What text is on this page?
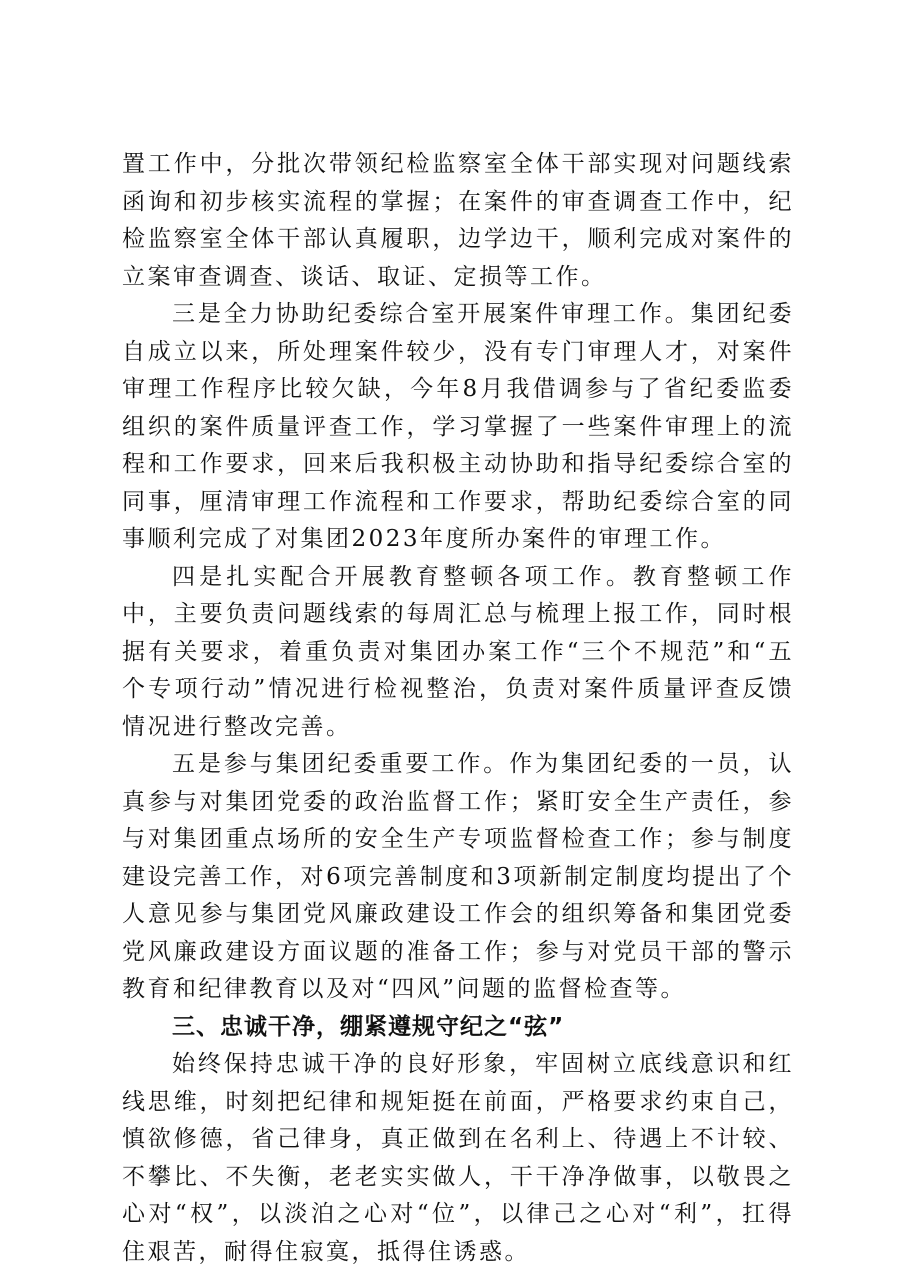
置工作中，分批次带领纪检监察室全体干部实现对问题线索函询和初步核实流程的掌握；在案件的审查调查工作中，纪检监察室全体干部认真履职，边学边干，顺利完成对案件的立案审查调查、谈话、取证、定损等工作。

三是全力协助纪委综合室开展案件审理工作。集团纪委自成立以来，所处理案件较少，没有专门审理人才，对案件审理工作程序比较欠缺，今年8月我借调参与了省纪委监委组织的案件质量评查工作，学习掌握了一些案件审理上的流程和工作要求，回来后我积极主动协助和指导纪委综合室的同事，厘清审理工作流程和工作要求，帮助纪委综合室的同事顺利完成了对集团2023年度所办案件的审理工作。

四是扎实配合开展教育整顿各项工作。教育整顿工作中，主要负责问题线索的每周汇总与梳理上报工作，同时根据有关要求，着重负责对集团办案工作“三个不规范”和“五个专项行动”情况进行检视整治，负责对案件质量评查反馈情况进行整改完善。

五是参与集团纪委重要工作。作为集团纪委的一员，认真参与对集团党委的政治监督工作；紧盯安全生产责任，参与对集团重点场所的安全生产专项监督检查工作；参与制度建设完善工作，对6项完善制度和3项新制定制度均提出了个人意见参与集团党风廉政建设工作会的组织筹备和集团党委党风廉政建设方面议题的准备工作；参与对党员干部的警示教育和纪律教育以及对“四风”问题的监督检查等。

三、忠诚干净，绷紧遵规守纪之“弦”

始终保持忠诚干净的良好形象，牢固树立底线意识和红线思维，时刻把纪律和规矩挺在前面，严格要求约束自己，慎欲修德，省己律身，真正做到在名利上、待遇上不计较、不攀比、不失衡，老老实实做人，干干净净做事，以敬畏之心对“权”，以淡泊之心对“位”，以律己之心对“利”，扛得住艰苦，耐得住寂寞，抵得住诱惑。
